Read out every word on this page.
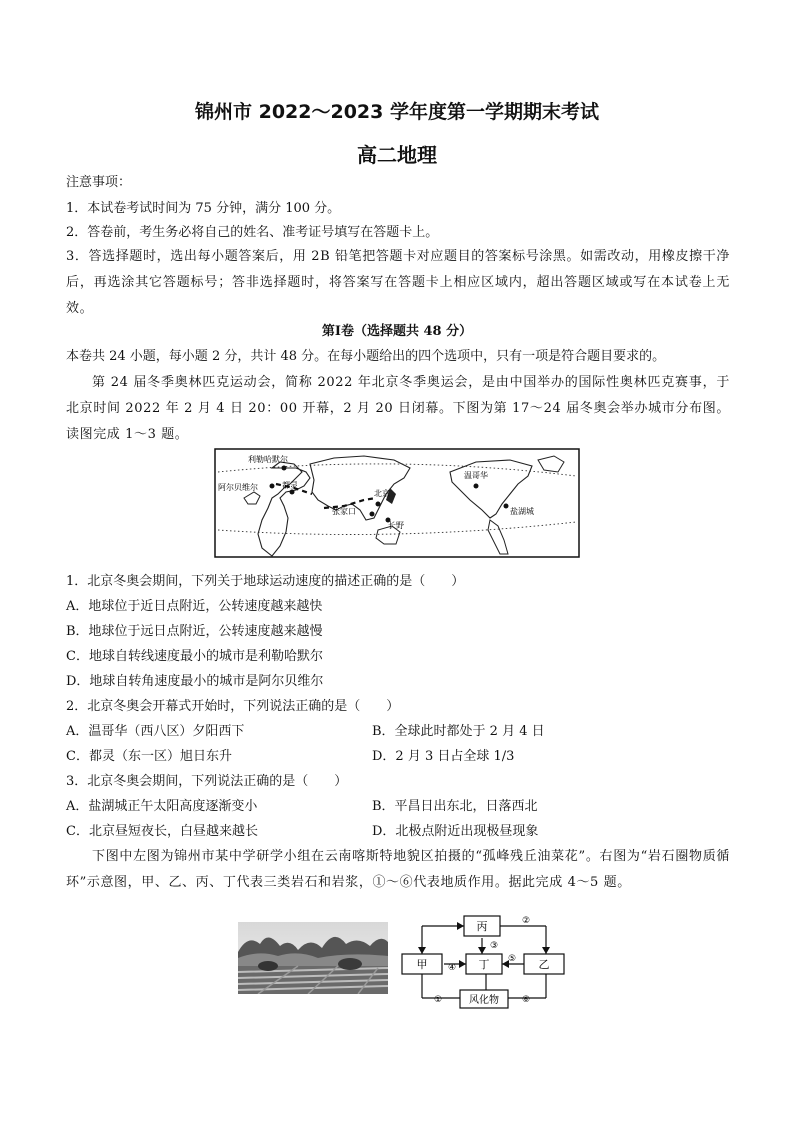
锦州市 2022～2023 学年度第一学期期末考试
高二地理
注意事项：
1．本试卷考试时间为 75 分钟，满分 100 分。
2．答卷前，考生务必将自己的姓名、准考证号填写在答题卡上。
3．答选择题时，选出每小题答案后，用 2B 铅笔把答题卡对应题目的答案标号涂黑。如需改动，用橡皮擦干净后，再选涂其它答题标号；答非选择题时，将答案写在答题卡上相应区域内，超出答题区域或写在本试卷上无效。
第Ⅰ卷（选择题共 48 分）
本卷共 24 小题，每小题 2 分，共计 48 分。在每小题给出的四个选项中，只有一项是符合题目要求的。
第 24 届冬季奥林匹克运动会，简称 2022 年北京冬季奥运会，是由中国举办的国际性奥林匹克赛事，于北京时间 2022 年 2 月 4 日 20：00 开幕，2 月 20 日闭幕。下图为第 17～24 届冬奥会举办城市分布图。读图完成 1～3 题。
利勒哈默尔
阿尔贝维尔	都灵
北京
张家口
长野
温哥华
盐湖城
1．北京冬奥会期间，下列关于地球运动速度的描述正确的是（　　）
A．地球位于近日点附近，公转速度越来越快
B．地球位于远日点附近，公转速度越来越慢
C．地球自转线速度最小的城市是利勒哈默尔
D．地球自转角速度最小的城市是阿尔贝维尔
2．北京冬奥会开幕式开始时，下列说法正确的是（　　）
A．温哥华（西八区）夕阳西下	B．全球此时都处于 2 月 4 日
C．都灵（东一区）旭日东升	D．2 月 3 日占全球 1/3
3．北京冬奥会期间，下列说法正确的是（　　）
A．盐湖城正午太阳高度逐渐变小	B．平昌日出东北，日落西北
C．北京昼短夜长，白昼越来越长	D．北极点附近出现极昼现象
下图中左图为锦州市某中学研学小组在云南喀斯特地貌区拍摄的“孤峰残丘油菜花”。右图为“岩石圈物质循环”示意图，甲、乙、丙、丁代表三类岩石和岩浆，①～⑥代表地质作用。据此完成 4～5 题。
丙
甲	丁	乙
风化物
②
③
④
⑤
⑥
①
